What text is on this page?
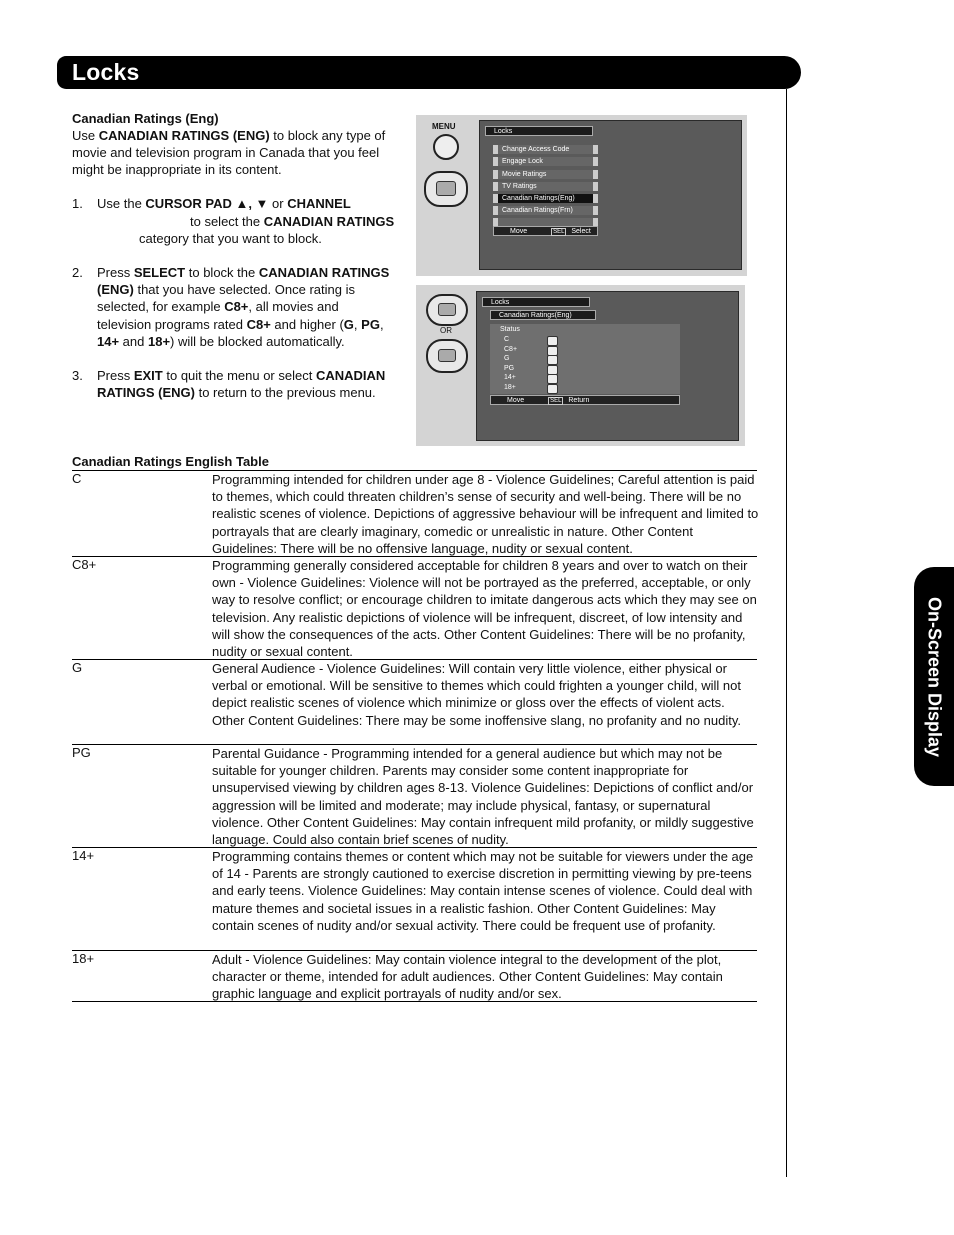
Locks
On-Screen Display
Canadian Ratings (Eng)
Use CANADIAN RATINGS (ENG) to block any type of movie and television program in Canada that you feel might be inappropriate in its content.
1. Use the CURSOR PAD ▲, ▼ or CHANNEL
to select the CANADIAN RATINGS
category that you want to block.
2. Press SELECT to block the CANADIAN RATINGS
(ENG) that you have selected. Once rating is
selected, for example C8+, all movies and
television programs rated C8+ and higher (G, PG,
14+ and 18+) will be blocked automatically.
3. Press EXIT to quit the menu or select CANADIAN
RATINGS (ENG) to return to the previous menu.
MENU
Locks
Change Access Code
Engage Lock
Movie Ratings
TV Ratings
Canadian Ratings(Eng)
Canadian Ratings(Frn)
Move	SEL Select
OR
Locks
Canadian Ratings(Eng)
Status
C
C8+
G
PG
14+
18+
Move	SEL Return
Canadian Ratings English Table
C	Programming intended for children under age 8 - Violence Guidelines; Careful attention is paid to themes, which could threaten children’s sense of security and well-being. There will be no realistic scenes of violence. Depictions of aggressive behaviour will be infrequent and limited to portrayals that are clearly imaginary, comedic or unrealistic in nature. Other Content Guidelines: There will be no offensive language, nudity or sexual content.
C8+	Programming generally considered acceptable for children 8 years and over to watch on their own - Violence Guidelines: Violence will not be portrayed as the preferred, acceptable, or only way to resolve conflict; or encourage children to imitate dangerous acts which they may see on television. Any realistic depictions of violence will be infrequent, discreet, of low intensity and will show the consequences of the acts. Other Content Guidelines: There will be no profanity, nudity or sexual content.
G	General Audience - Violence Guidelines: Will contain very little violence, either physical or verbal or emotional. Will be sensitive to themes which could frighten a younger child, will not depict realistic scenes of violence which minimize or gloss over the effects of violent acts. Other Content Guidelines: There may be some inoffensive slang, no profanity and no nudity.
PG	Parental Guidance - Programming intended for a general audience but which may not be suitable for younger children. Parents may consider some content inappropriate for unsupervised viewing by children ages 8-13. Violence Guidelines: Depictions of conflict and/or aggression will be limited and moderate; may include physical, fantasy, or supernatural violence. Other Content Guidelines: May contain infrequent mild profanity, or mildly suggestive language. Could also contain brief scenes of nudity.
14+	Programming contains themes or content which may not be suitable for viewers under the age of 14 - Parents are strongly cautioned to exercise discretion in permitting viewing by pre-teens and early teens. Violence Guidelines: May contain intense scenes of violence. Could deal with mature themes and societal issues in a realistic fashion. Other Content Guidelines: May contain scenes of nudity and/or sexual activity. There could be frequent use of profanity.
18+	Adult - Violence Guidelines: May contain violence integral to the development of the plot, character or theme, intended for adult audiences. Other Content Guidelines: May contain graphic language and explicit portrayals of nudity and/or sex.
